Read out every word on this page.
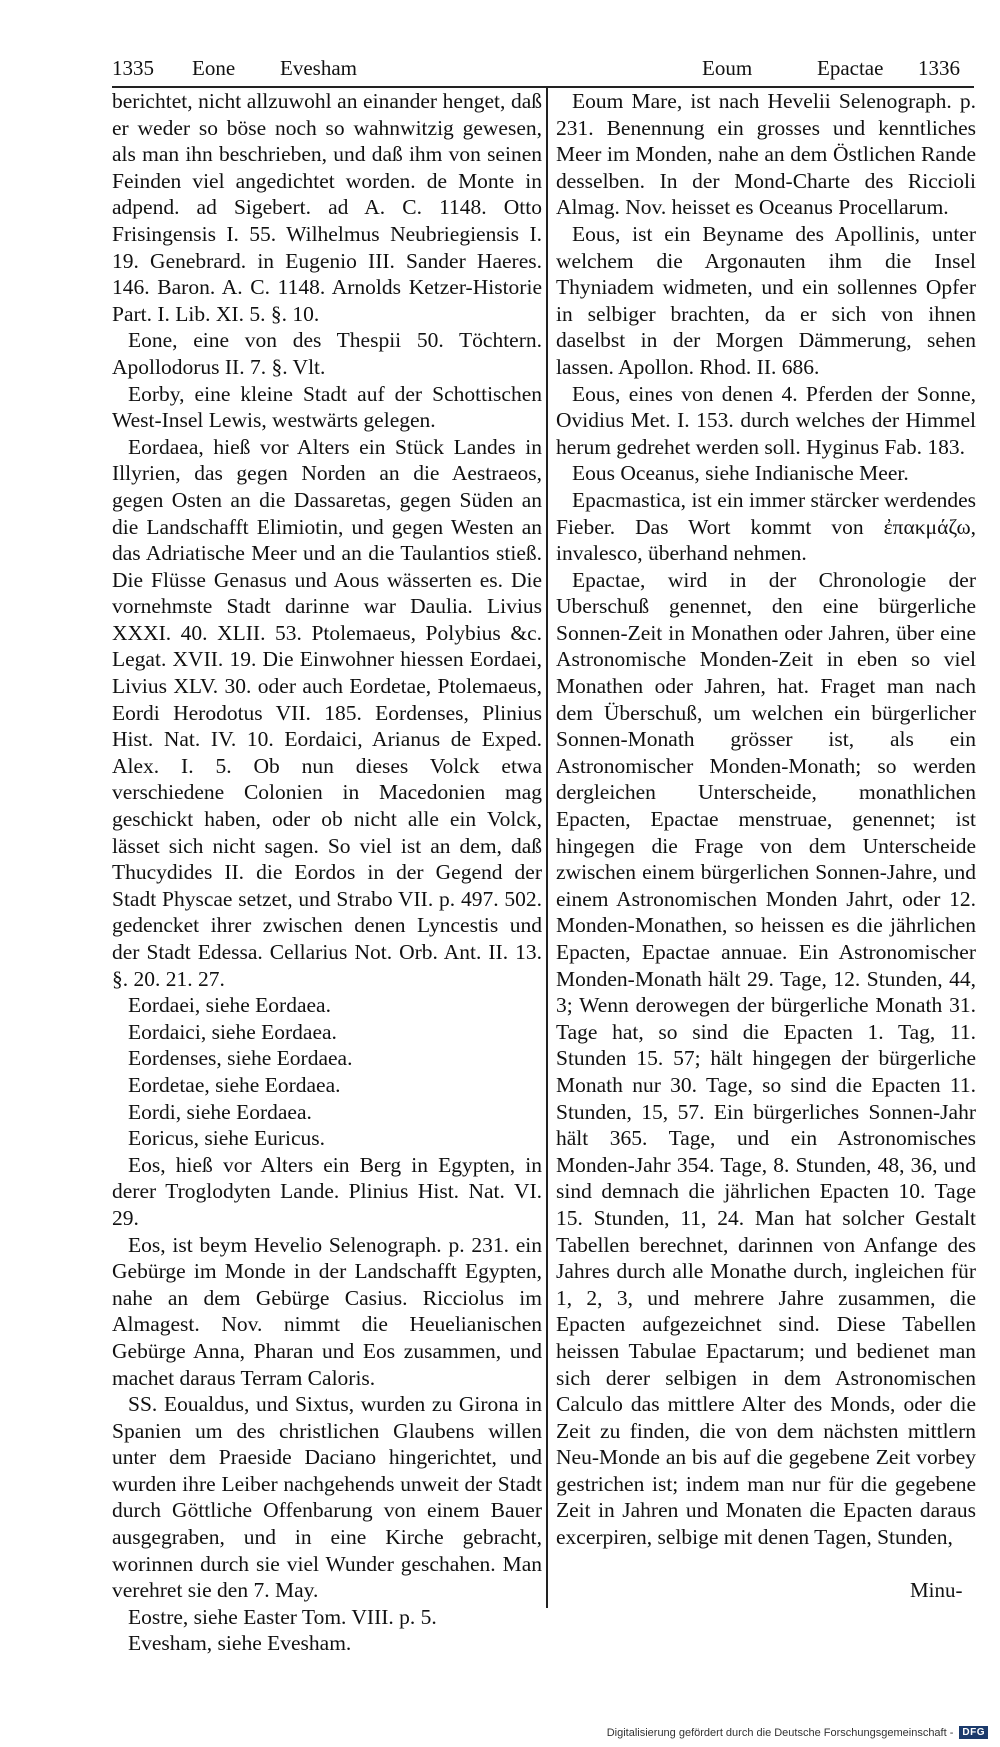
1335 Eone Evesham	Eoum	Epactae 1336

berichtet, nicht allzuwohl an einander henget, daß er weder so böse noch so wahnwitzig gewesen, als man ihn beschrieben, und daß ihm von seinen Feinden viel angedichtet worden. de Monte in adpend. ad Sigebert. ad A. C. 1148. Otto Frisingensis I. 55. Wilhelmus Neubriegiensis I. 19. Genebrard. in Eugenio III. Sander Haeres. 146. Baron. A. C. 1148. Arnolds Ketzer-Historie Part. I. Lib. XI. 5. §. 10.

Eone, eine von des Thespii 50. Töchtern. Apollodorus II. 7. §. Vlt.

Eorby, eine kleine Stadt auf der Schottischen West-Insel Lewis, westwärts gelegen.

Eordaea, hieß vor Alters ein Stück Landes in Illyrien, das gegen Norden an die Aestraeos, gegen Osten an die Dassaretas, gegen Süden an die Landschafft Elimiotin, und gegen Westen an das Adriatische Meer und an die Taulantios stieß. Die Flüsse Genasus und Aous wässerten es. Die vornehmste Stadt darinne war Daulia. Livius XXXI. 40. XLII. 53. Ptolemaeus, Polybius &c. Legat. XVII. 19. Die Einwohner hiessen Eordaei, Livius XLV. 30. oder auch Eordetae, Ptolemaeus, Eordi Herodotus VII. 185. Eordenses, Plinius Hist. Nat. IV. 10. Eordaici, Arianus de Exped. Alex. I. 5. Ob nun dieses Volck etwa verschiedene Colonien in Macedonien mag geschickt haben, oder ob nicht alle ein Volck, lässet sich nicht sagen. So viel ist an dem, daß Thucydides II. die Eordos in der Gegend der Stadt Physcae setzet, und Strabo VII. p. 497. 502. gedencket ihrer zwischen denen Lyncestis und der Stadt Edessa. Cellarius Not. Orb. Ant. II. 13. §. 20. 21. 27.

Eordaei, siehe Eordaea.

Eordaici, siehe Eordaea.

Eordenses, siehe Eordaea.

Eordetae, siehe Eordaea.

Eordi, siehe Eordaea.

Eoricus, siehe Euricus.

Eos, hieß vor Alters ein Berg in Egypten, in derer Troglodyten Lande. Plinius Hist. Nat. VI. 29.

Eos, ist beym Hevelio Selenograph. p. 231. ein Gebürge im Monde in der Landschafft Egypten, nahe an dem Gebürge Casius. Ricciolus im Almagest. Nov. nimmt die Heuelianischen Gebürge Anna, Pharan und Eos zusammen, und machet daraus Terram Caloris.

SS. Eoualdus, und Sixtus, wurden zu Girona in Spanien um des christlichen Glaubens willen unter dem Praeside Daciano hingerichtet, und wurden ihre Leiber nachgehends unweit der Stadt durch Göttliche Offenbarung von einem Bauer ausgegraben, und in eine Kirche gebracht, worinnen durch sie viel Wunder geschahen. Man verehret sie den 7. May.

Eostre, siehe Easter Tom. VIII. p. 5.

Evesham, siehe Evesham.

Eoum Mare, ist nach Hevelii Selenograph. p. 231. Benennung ein grosses und kenntliches Meer im Monden, nahe an dem Östlichen Rande desselben. In der Mond-Charte des Riccioli Almag. Nov. heisset es Oceanus Procellarum.

Eous, ist ein Beyname des Apollinis, unter welchem die Argonauten ihm die Insel Thyniadem widmeten, und ein sollennes Opfer in selbiger brachten, da er sich von ihnen daselbst in der Morgen Dämmerung, sehen lassen. Apollon. Rhod. II. 686.

Eous, eines von denen 4. Pferden der Sonne, Ovidius Met. I. 153. durch welches der Himmel herum gedrehet werden soll. Hyginus Fab. 183.

Eous Oceanus, siehe Indianische Meer.

Epacmastica, ist ein immer stärcker werdendes Fieber. Das Wort kommt von ἐπακμάζω, invalesco, überhand nehmen.

Epactae, wird in der Chronologie der Uberschuß genennet, den eine bürgerliche Sonnen-Zeit in Monathen oder Jahren, über eine Astronomische Monden-Zeit in eben so viel Monathen oder Jahren, hat. Fraget man nach dem Überschuß, um welchen ein bürgerlicher Sonnen-Monath grösser ist, als ein Astronomischer Monden-Monath; so werden dergleichen Unterscheide, monathlichen Epacten, Epactae menstruae, genennet; ist hingegen die Frage von dem Unterscheide zwischen einem bürgerlichen Sonnen-Jahre, und einem Astronomischen Monden Jahrt, oder 12. Monden-Monathen, so heissen es die jährlichen Epacten, Epactae annuae. Ein Astronomischer Monden-Monath hält 29. Tage, 12. Stunden, 44, 3; Wenn derowegen der bürgerliche Monath 31. Tage hat, so sind die Epacten 1. Tag, 11. Stunden 15. 57; hält hingegen der bürgerliche Monath nur 30. Tage, so sind die Epacten 11. Stunden, 15, 57. Ein bürgerliches Sonnen-Jahr hält 365. Tage, und ein Astronomisches Monden-Jahr 354. Tage, 8. Stunden, 48, 36, und sind demnach die jährlichen Epacten 10. Tage 15. Stunden, 11, 24. Man hat solcher Gestalt Tabellen berechnet, darinnen von Anfange des Jahres durch alle Monathe durch, ingleichen für 1, 2, 3, und mehrere Jahre zusammen, die Epacten aufgezeichnet sind. Diese Tabellen heissen Tabulae Epactarum; und bedienet man sich derer selbigen in dem Astronomischen Calculo das mittlere Alter des Monds, oder die Zeit zu finden, die von dem nächsten mittlern Neu-Monde an bis auf die gegebene Zeit vorbey gestrichen ist; indem man nur für die gegebene Zeit in Jahren und Monaten die Epacten daraus excerpiren, selbige mit denen Tagen, Stunden,

Minu-
Digitalisierung gefördert durch die Deutsche Forschungsgemeinschaft - DFG
